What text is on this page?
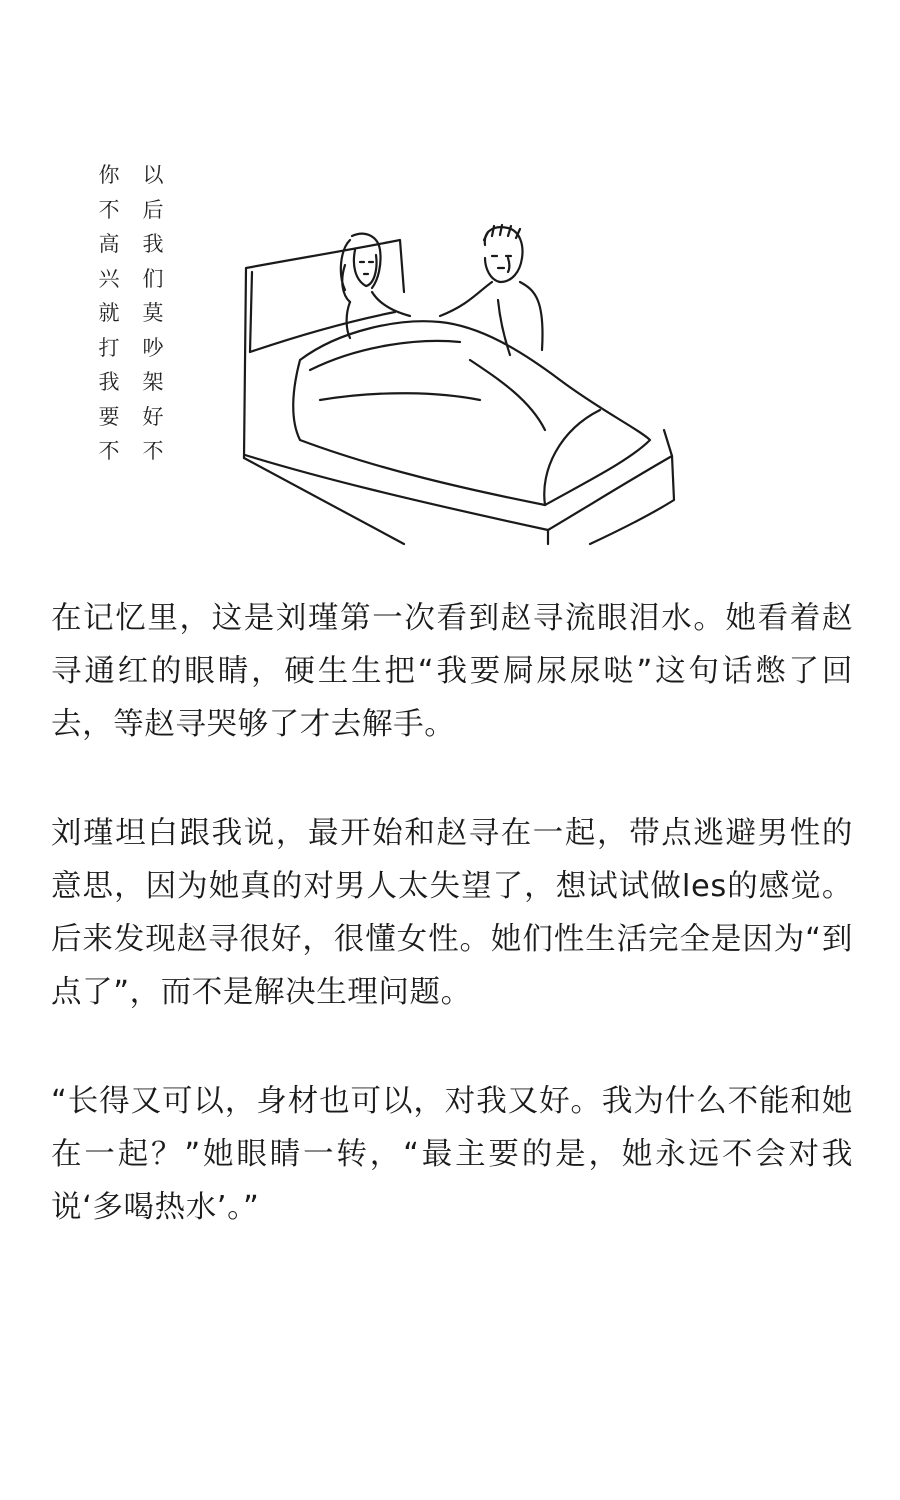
以
后
我
们
莫
吵
架
好
不
你
不
高
兴
就
打
我
要
不

在记忆里，这是刘瑾第一次看到赵寻流眼泪水。她看着赵寻通红的眼睛，硬生生把“我要屙尿尿哒”这句话憋了回去，等赵寻哭够了才去解手。

刘瑾坦白跟我说，最开始和赵寻在一起，带点逃避男性的意思，因为她真的对男人太失望了，想试试做les的感觉。后来发现赵寻很好，很懂女性。她们性生活完全是因为“到点了”，而不是解决生理问题。

“长得又可以，身材也可以，对我又好。我为什么不能和她在一起？”她眼睛一转，“最主要的是，她永远不会对我说‘多喝热水’。”
